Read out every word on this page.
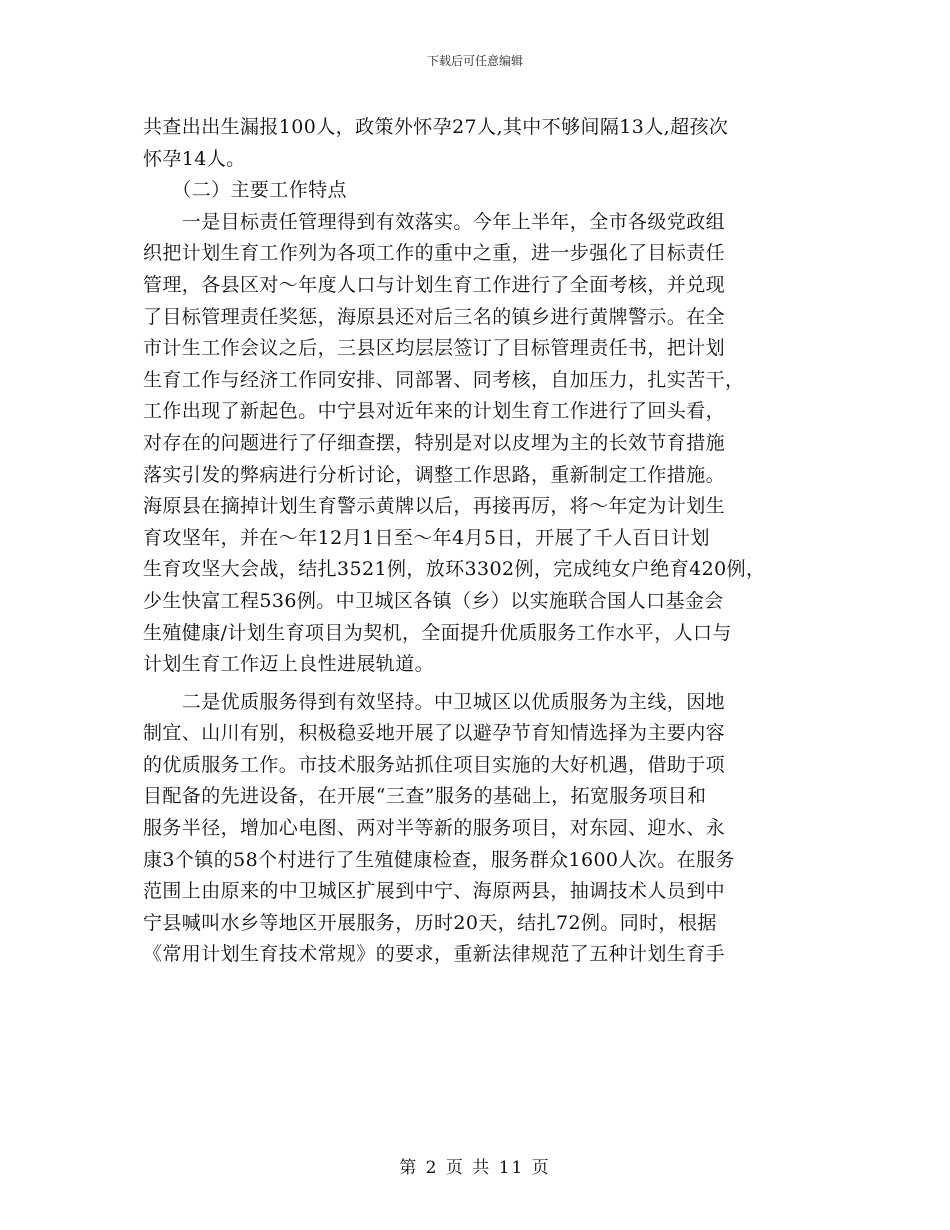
下载后可任意编辑
共查出出生漏报100人，政策外怀孕27人,其中不够间隔13人,超孩次
怀孕14人。
　　（二）主要工作特点
　　一是目标责任管理得到有效落实。今年上半年，全市各级党政组
织把计划生育工作列为各项工作的重中之重，进一步强化了目标责任
管理，各县区对～年度人口与计划生育工作进行了全面考核，并兑现
了目标管理责任奖惩，海原县还对后三名的镇乡进行黄牌警示。在全
市计生工作会议之后，三县区均层层签订了目标管理责任书，把计划
生育工作与经济工作同安排、同部署、同考核，自加压力，扎实苦干，
工作出现了新起色。中宁县对近年来的计划生育工作进行了回头看，
对存在的问题进行了仔细查摆，特别是对以皮埋为主的长效节育措施
落实引发的弊病进行分析讨论，调整工作思路，重新制定工作措施。
海原县在摘掉计划生育警示黄牌以后，再接再厉，将～年定为计划生
育攻坚年，并在～年12月1日至～年4月5日，开展了千人百日计划
生育攻坚大会战，结扎3521例，放环3302例，完成纯女户绝育420例，
少生快富工程536例。中卫城区各镇（乡）以实施联合国人口基金会
生殖健康/计划生育项目为契机，全面提升优质服务工作水平，人口与
计划生育工作迈上良性进展轨道。
　　二是优质服务得到有效坚持。中卫城区以优质服务为主线，因地
制宜、山川有别，积极稳妥地开展了以避孕节育知情选择为主要内容
的优质服务工作。市技术服务站抓住项目实施的大好机遇，借助于项
目配备的先进设备，在开展“三查”服务的基础上，拓宽服务项目和
服务半径，增加心电图、两对半等新的服务项目，对东园、迎水、永
康3个镇的58个村进行了生殖健康检查，服务群众1600人次。在服务
范围上由原来的中卫城区扩展到中宁、海原两县，抽调技术人员到中
宁县喊叫水乡等地区开展服务，历时20天，结扎72例。同时，根据
《常用计划生育技术常规》的要求，重新法律规范了五种计划生育手
第 2 页 共 11 页
